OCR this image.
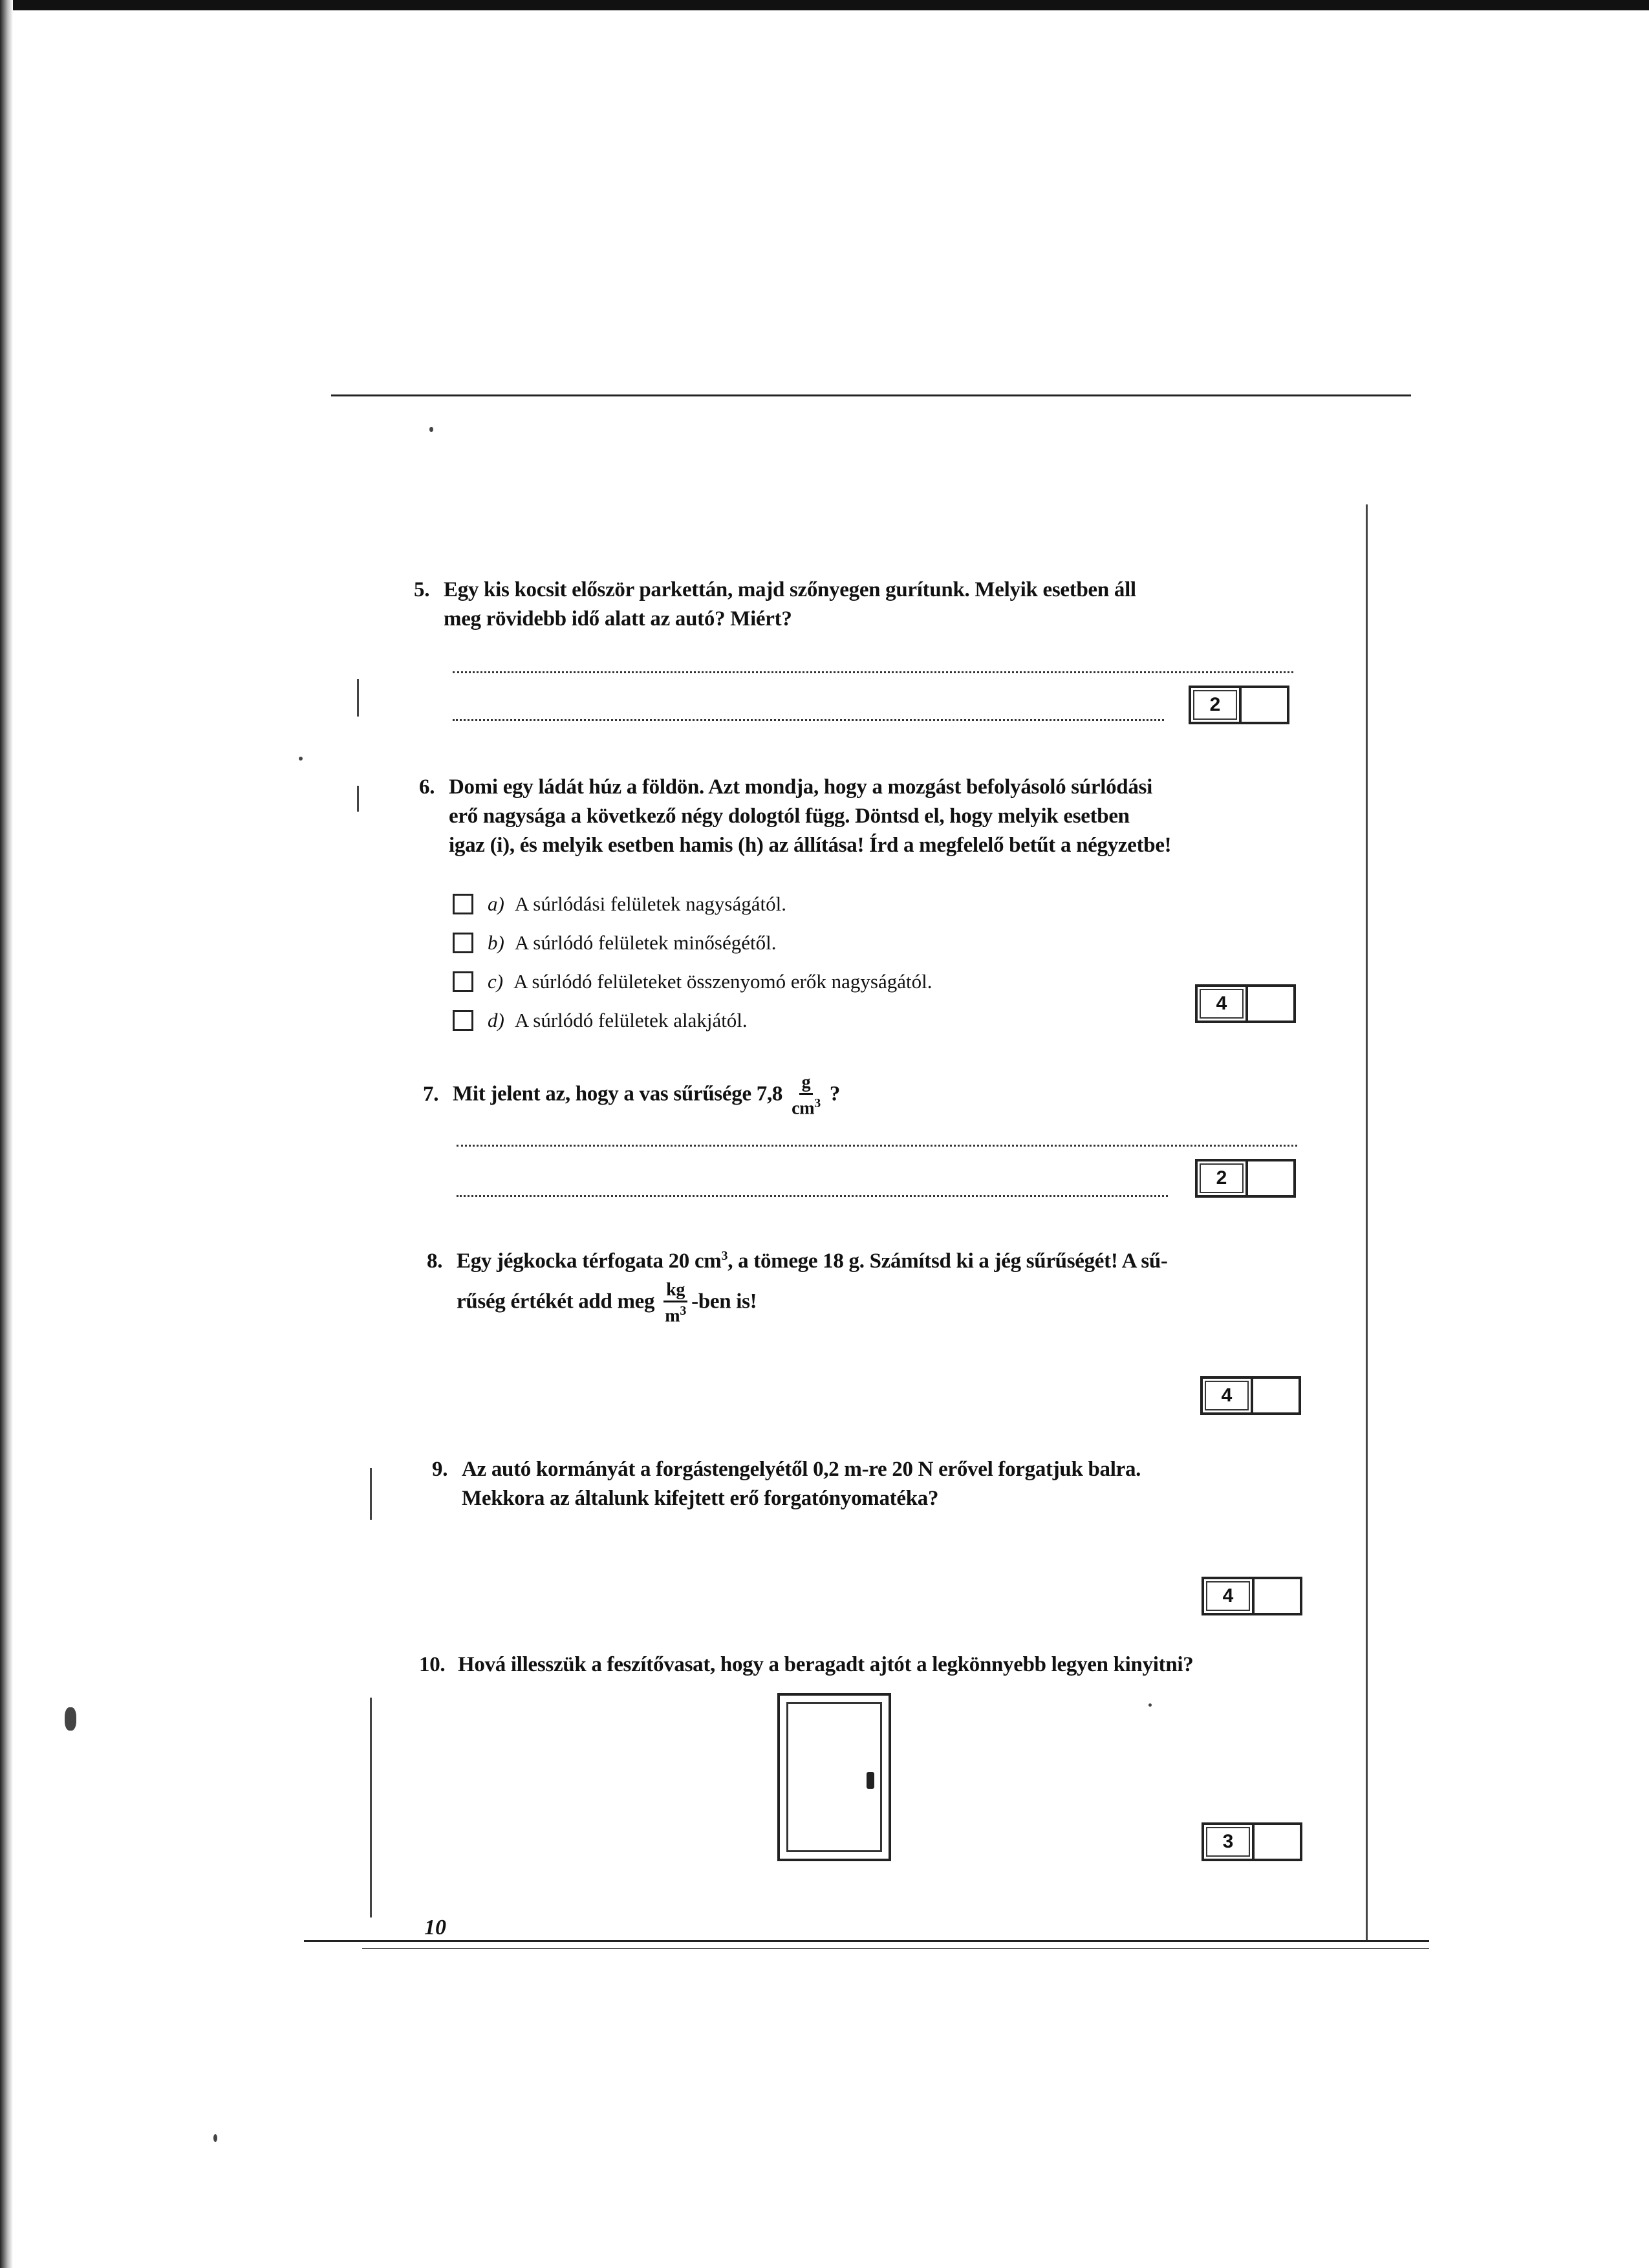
5. Egy kis kocsit először parkettán, majd szőnyegen gurítunk. Melyik esetben áll
meg rövidebb idő alatt az autó? Miért?
2
6. Domi egy ládát húz a földön. Azt mondja, hogy a mozgást befolyásoló súrlódási
erő nagysága a következő négy dologtól függ. Döntsd el, hogy melyik esetben
igaz (i), és melyik esetben hamis (h) az állítása! Írd a megfelelő betűt a négyzetbe!
a) A súrlódási felületek nagyságától.
b) A súrlódó felületek minőségétől.
c) A súrlódó felületeket összenyomó erők nagyságától.
d) A súrlódó felületek alakjától.
4
7. Mit jelent az, hogy a vas sűrűsége $7,8 \frac{g}{cm^3}$ ?
2
8. Egy jégkocka térfogata 20 $cm^3$, a tömege 18 g. Számítsd ki a jég sűrűségét! A sű-
rűség értékét add meg $\frac{kg}{m^3} -ben$ is!
4
9. Az autó kormányát a forgástengelyétől 0,2 m-re 20 N erővel forgatjuk balra.
Mekkora az általunk kifejtett erő forgatónyomatéka?
4
10. Hová illesszük a feszítővasat, hogy a beragadt ajtót a legkönnyebb legyen kinyitni?
3
10
